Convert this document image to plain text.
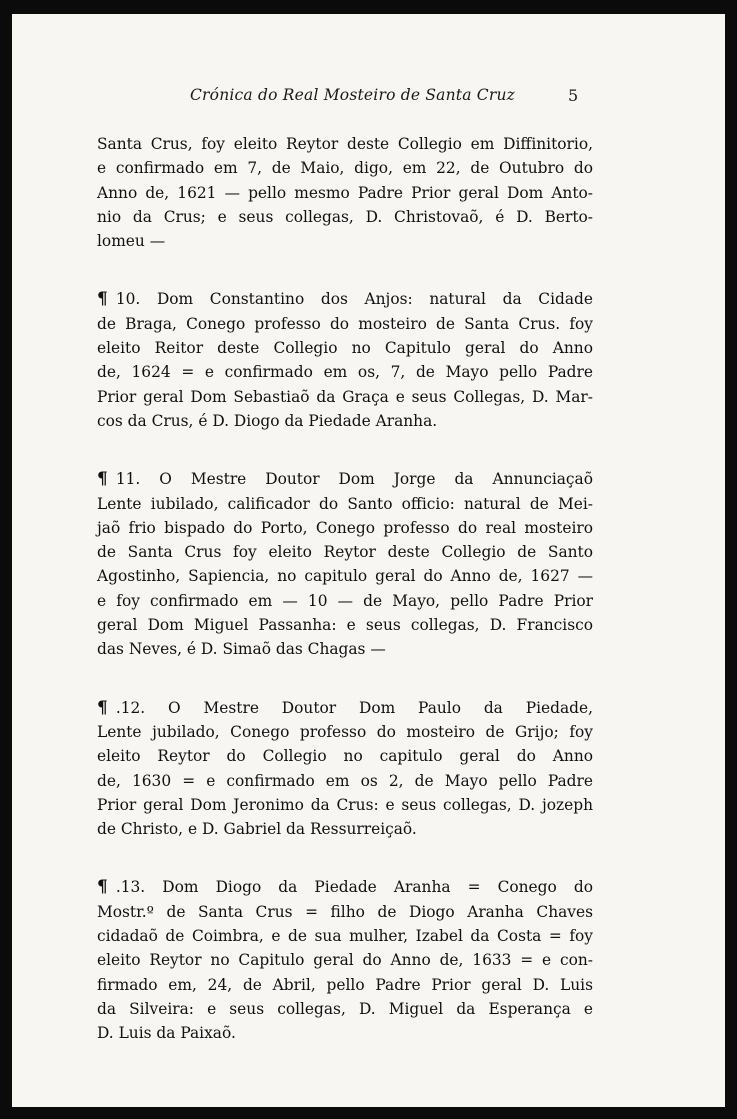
Crónica do Real Mosteiro de Santa Cruz	5
Santa Crus, foy eleito Reytor deste Collegio em Diffinitorio,
e confirmado em 7, de Maio, digo, em 22, de Outubro do
Anno de, 1621 — pello mesmo Padre Prior geral Dom Anto-
nio da Crus; e seus collegas, D. Christovaõ, é D. Berto-
lomeu —
¶ 10. Dom Constantino dos Anjos: natural da Cidade
de Braga, Conego professo do mosteiro de Santa Crus. foy
eleito Reitor deste Collegio no Capitulo geral do Anno
de, 1624 = e confirmado em os, 7, de Mayo pello Padre
Prior geral Dom Sebastiaõ da Graça e seus Collegas, D. Mar-
cos da Crus, é D. Diogo da Piedade Aranha.
¶ 11. O Mestre Doutor Dom Jorge da Annunciaçaõ
Lente iubilado, calificador do Santo officio: natural de Mei-
jaõ frio bispado do Porto, Conego professo do real mosteiro
de Santa Crus foy eleito Reytor deste Collegio de Santo
Agostinho, Sapiencia, no capitulo geral do Anno de, 1627 —
e foy confirmado em — 10 — de Mayo, pello Padre Prior
geral Dom Miguel Passanha: e seus collegas, D. Francisco
das Neves, é D. Simaõ das Chagas —
¶ .12. O Mestre Doutor Dom Paulo da Piedade,
Lente jubilado, Conego professo do mosteiro de Grijo; foy
eleito Reytor do Collegio no capitulo geral do Anno
de, 1630 = e confirmado em os 2, de Mayo pello Padre
Prior geral Dom Jeronimo da Crus: e seus collegas, D. jozeph
de Christo, e D. Gabriel da Ressurreiçaõ.
¶ .13. Dom Diogo da Piedade Aranha = Conego do
Mostr.º de Santa Crus = filho de Diogo Aranha Chaves
cidadaõ de Coimbra, e de sua mulher, Izabel da Costa = foy
eleito Reytor no Capitulo geral do Anno de, 1633 = e con-
firmado em, 24, de Abril, pello Padre Prior geral D. Luis
da Silveira: e seus collegas, D. Miguel da Esperança e
D. Luis da Paixaõ.
